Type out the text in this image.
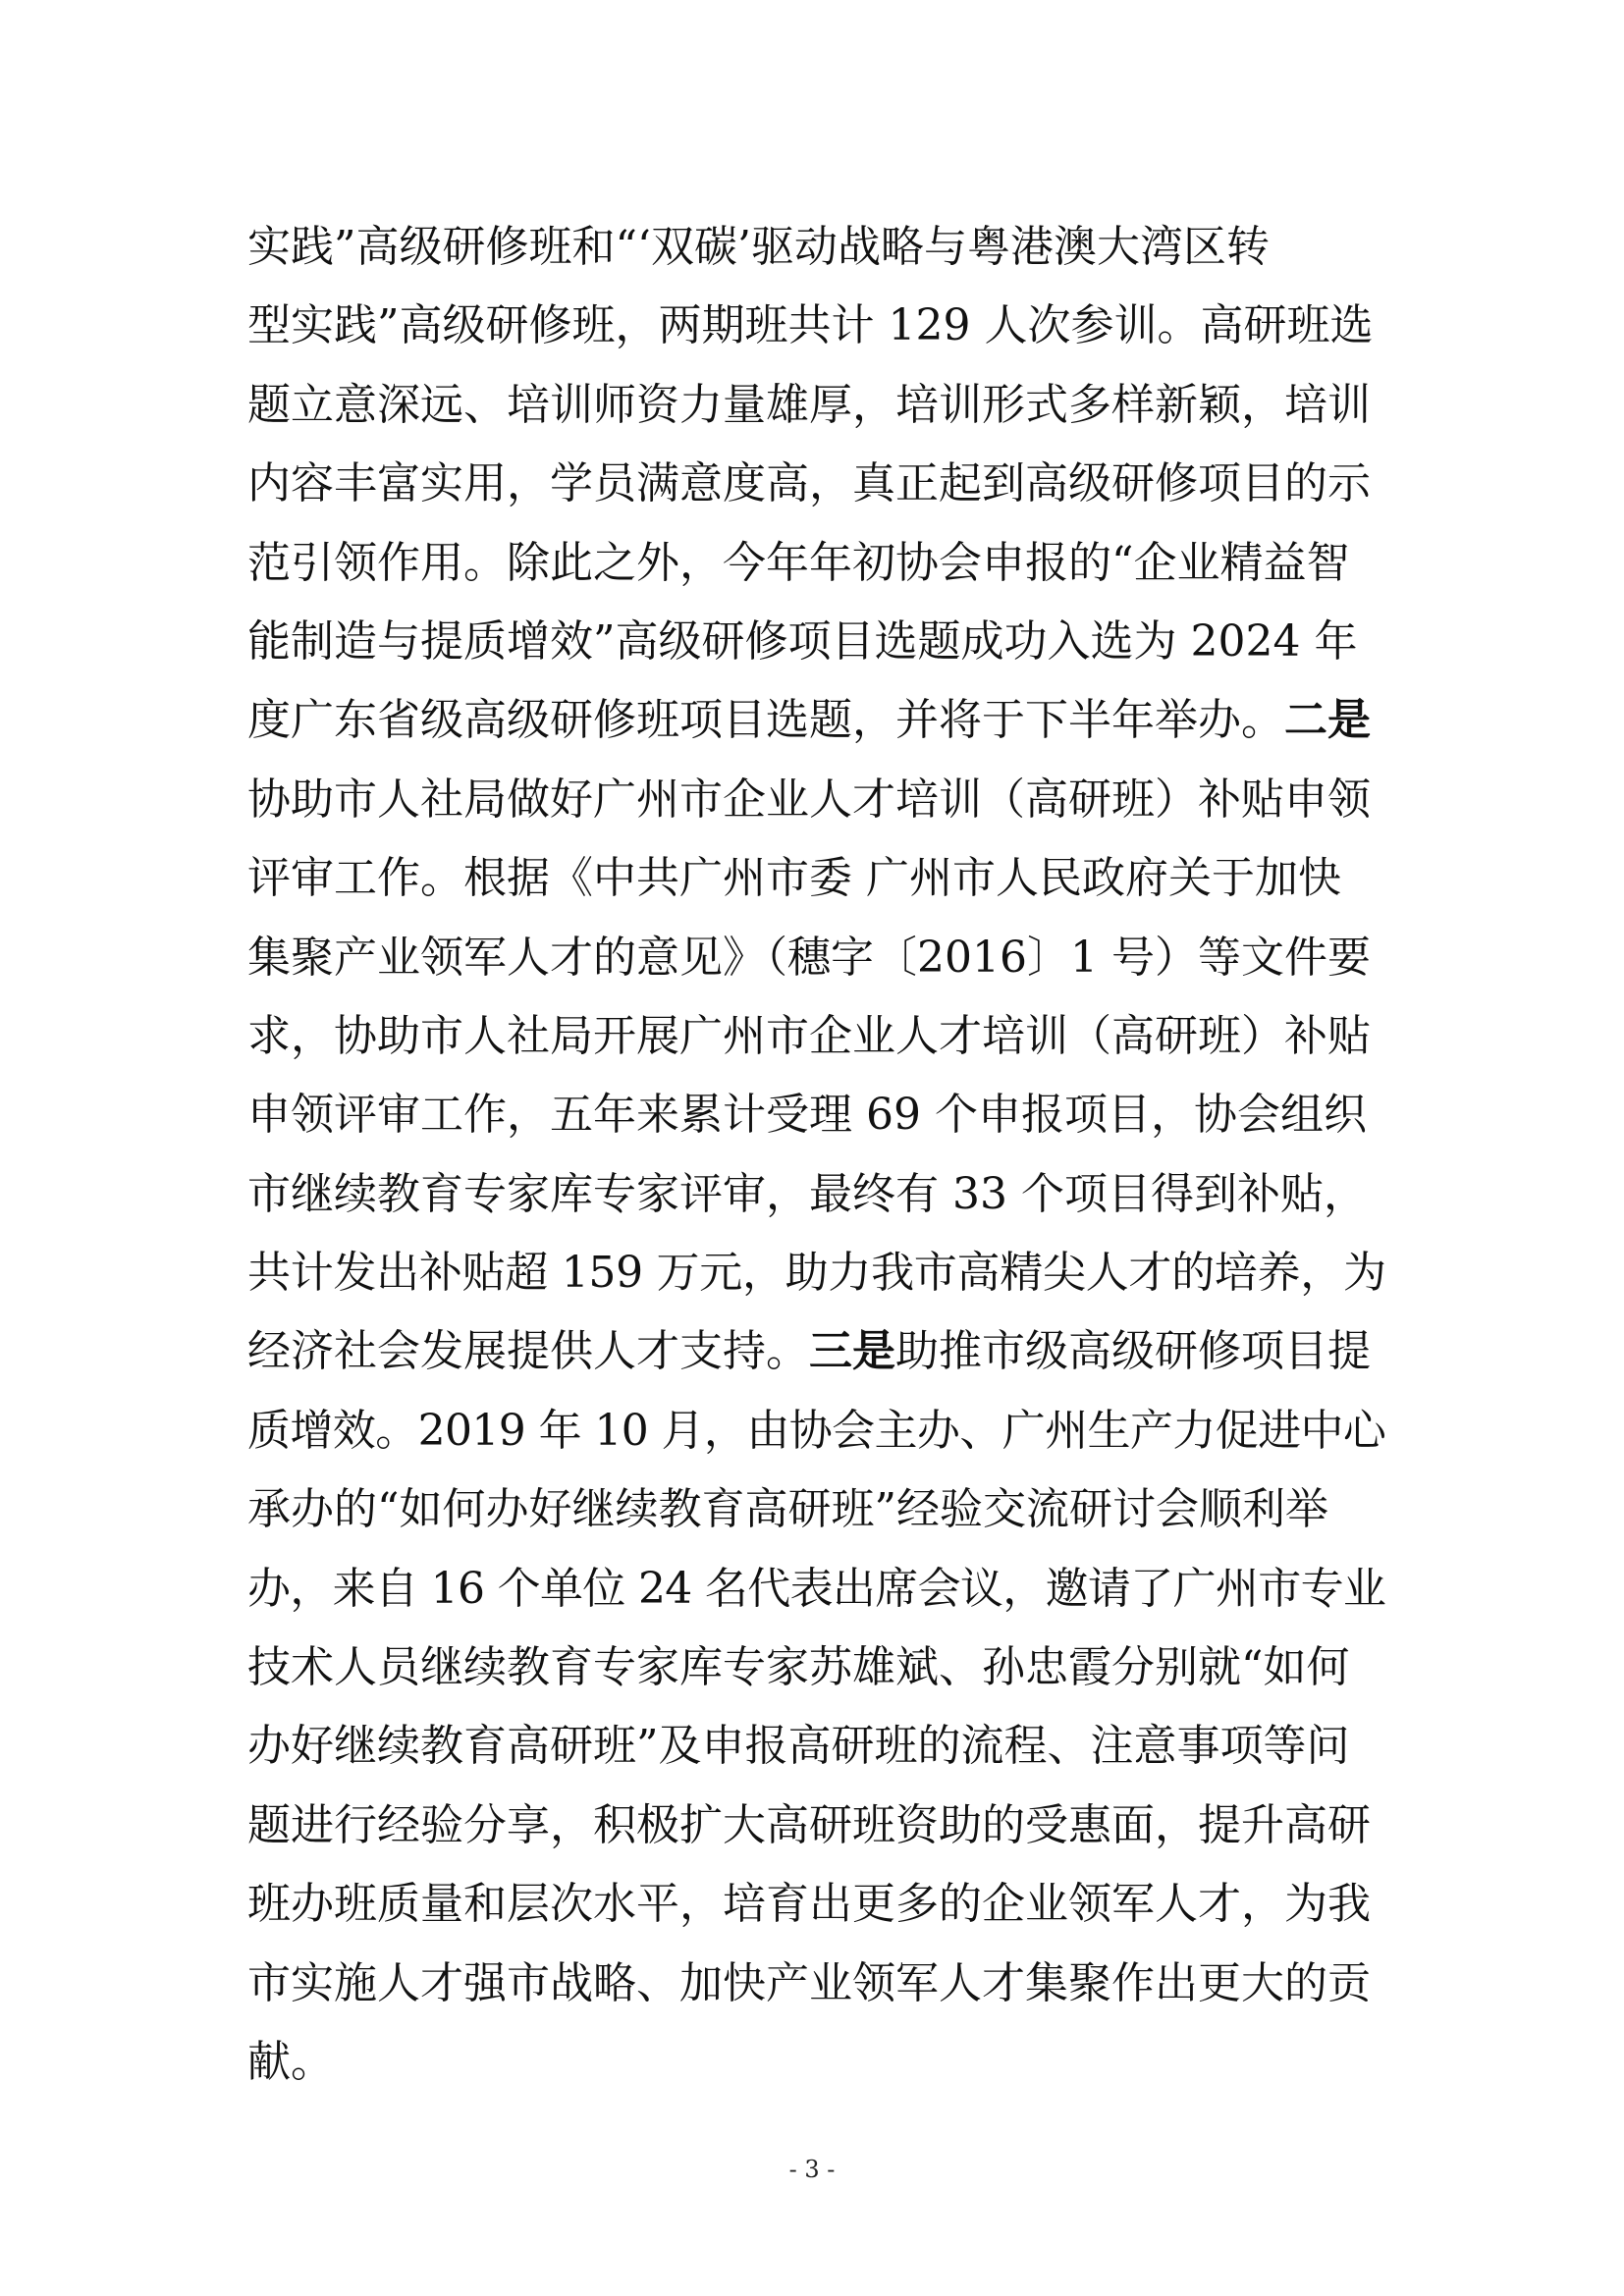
实践”高级研修班和“‘双碳’驱动战略与粤港澳大湾区转
型实践”高级研修班，两期班共计 129 人次参训。高研班选
题立意深远、培训师资力量雄厚，培训形式多样新颖，培训
内容丰富实用，学员满意度高，真正起到高级研修项目的示
范引领作用。除此之外，今年年初协会申报的“企业精益智
能制造与提质增效”高级研修项目选题成功入选为 2024 年
度广东省级高级研修班项目选题，并将于下半年举办。二是
协助市人社局做好广州市企业人才培训（高研班）补贴申领
评审工作。根据《中共广州市委 广州市人民政府关于加快
集聚产业领军人才的意见》（穗字〔2016〕1 号）等文件要
求，协助市人社局开展广州市企业人才培训（高研班）补贴
申领评审工作，五年来累计受理 69 个申报项目，协会组织
市继续教育专家库专家评审，最终有 33 个项目得到补贴，
共计发出补贴超 159 万元，助力我市高精尖人才的培养，为
经济社会发展提供人才支持。三是助推市级高级研修项目提
质增效。2019 年 10 月，由协会主办、广州生产力促进中心
承办的“如何办好继续教育高研班”经验交流研讨会顺利举
办，来自 16 个单位 24 名代表出席会议，邀请了广州市专业
技术人员继续教育专家库专家苏雄斌、孙忠霞分别就“如何
办好继续教育高研班”及申报高研班的流程、注意事项等问
题进行经验分享，积极扩大高研班资助的受惠面，提升高研
班办班质量和层次水平，培育出更多的企业领军人才，为我
市实施人才强市战略、加快产业领军人才集聚作出更大的贡
献。
- 3 -
